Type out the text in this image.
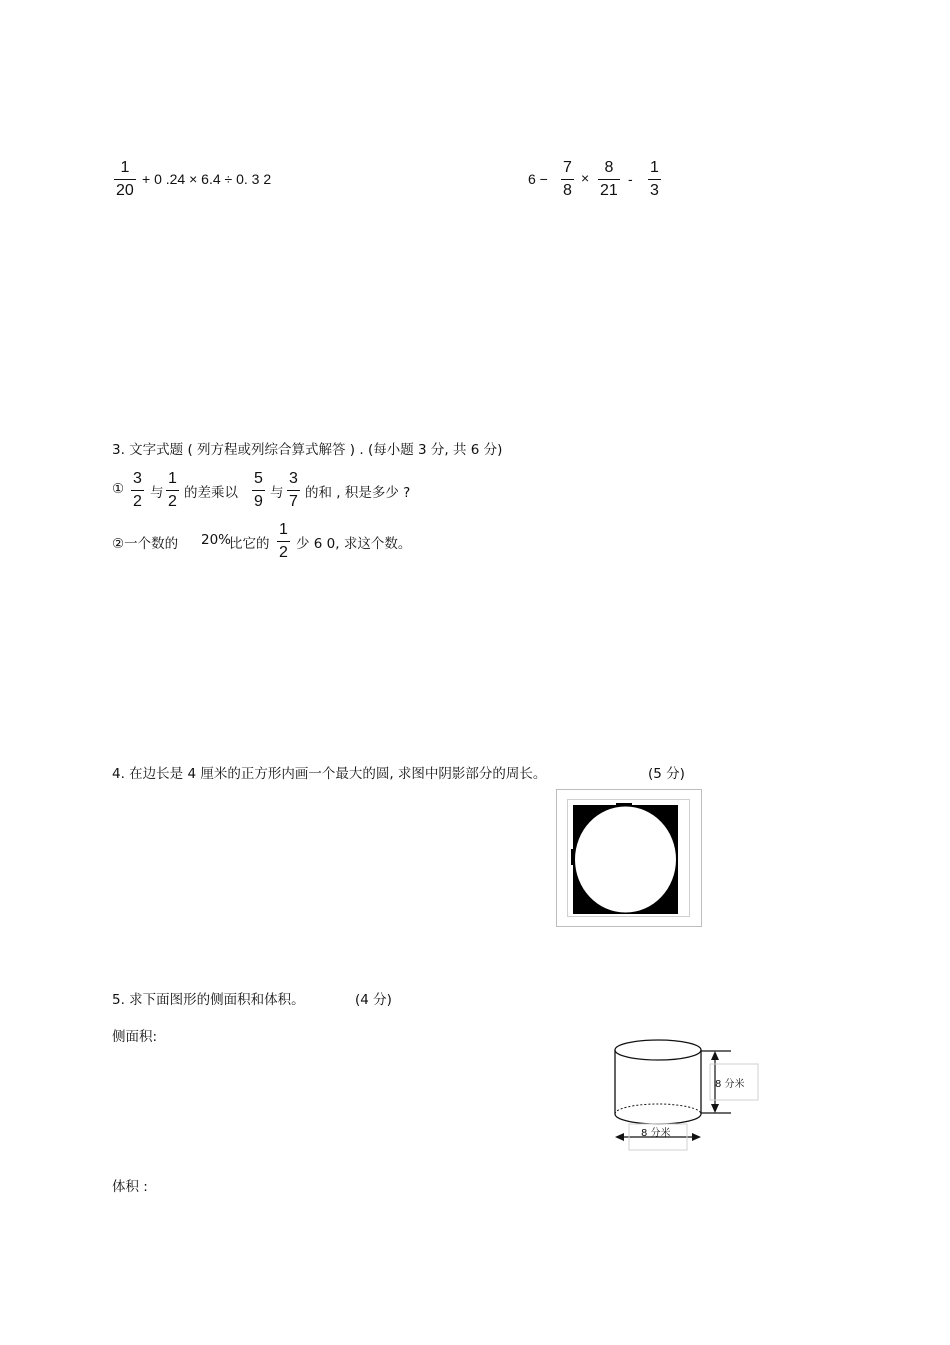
1
20
+ 0 .24 × 6.4 ÷ 0. 3 2	6 −
7
8
×
8
21
-
1
3
3. 文字式题 ( 列方程或列综合算式解答 ) . (每小题 3 分, 共 6 分)
①
3
2 与
1
2 的差乘以
5
9 与
3
7 的和 , 积是多少 ?
②一个数的 20%
比它的
1
2 少 6 0, 求这个数。
4. 在边长是 4 厘米的正方形内画一个最大的圆, 求图中阴影部分的周长。	(5 分)
5. 求下面图形的侧面积和体积。	(4 分)
侧面积:
体积 :
8 分米
8 分米
